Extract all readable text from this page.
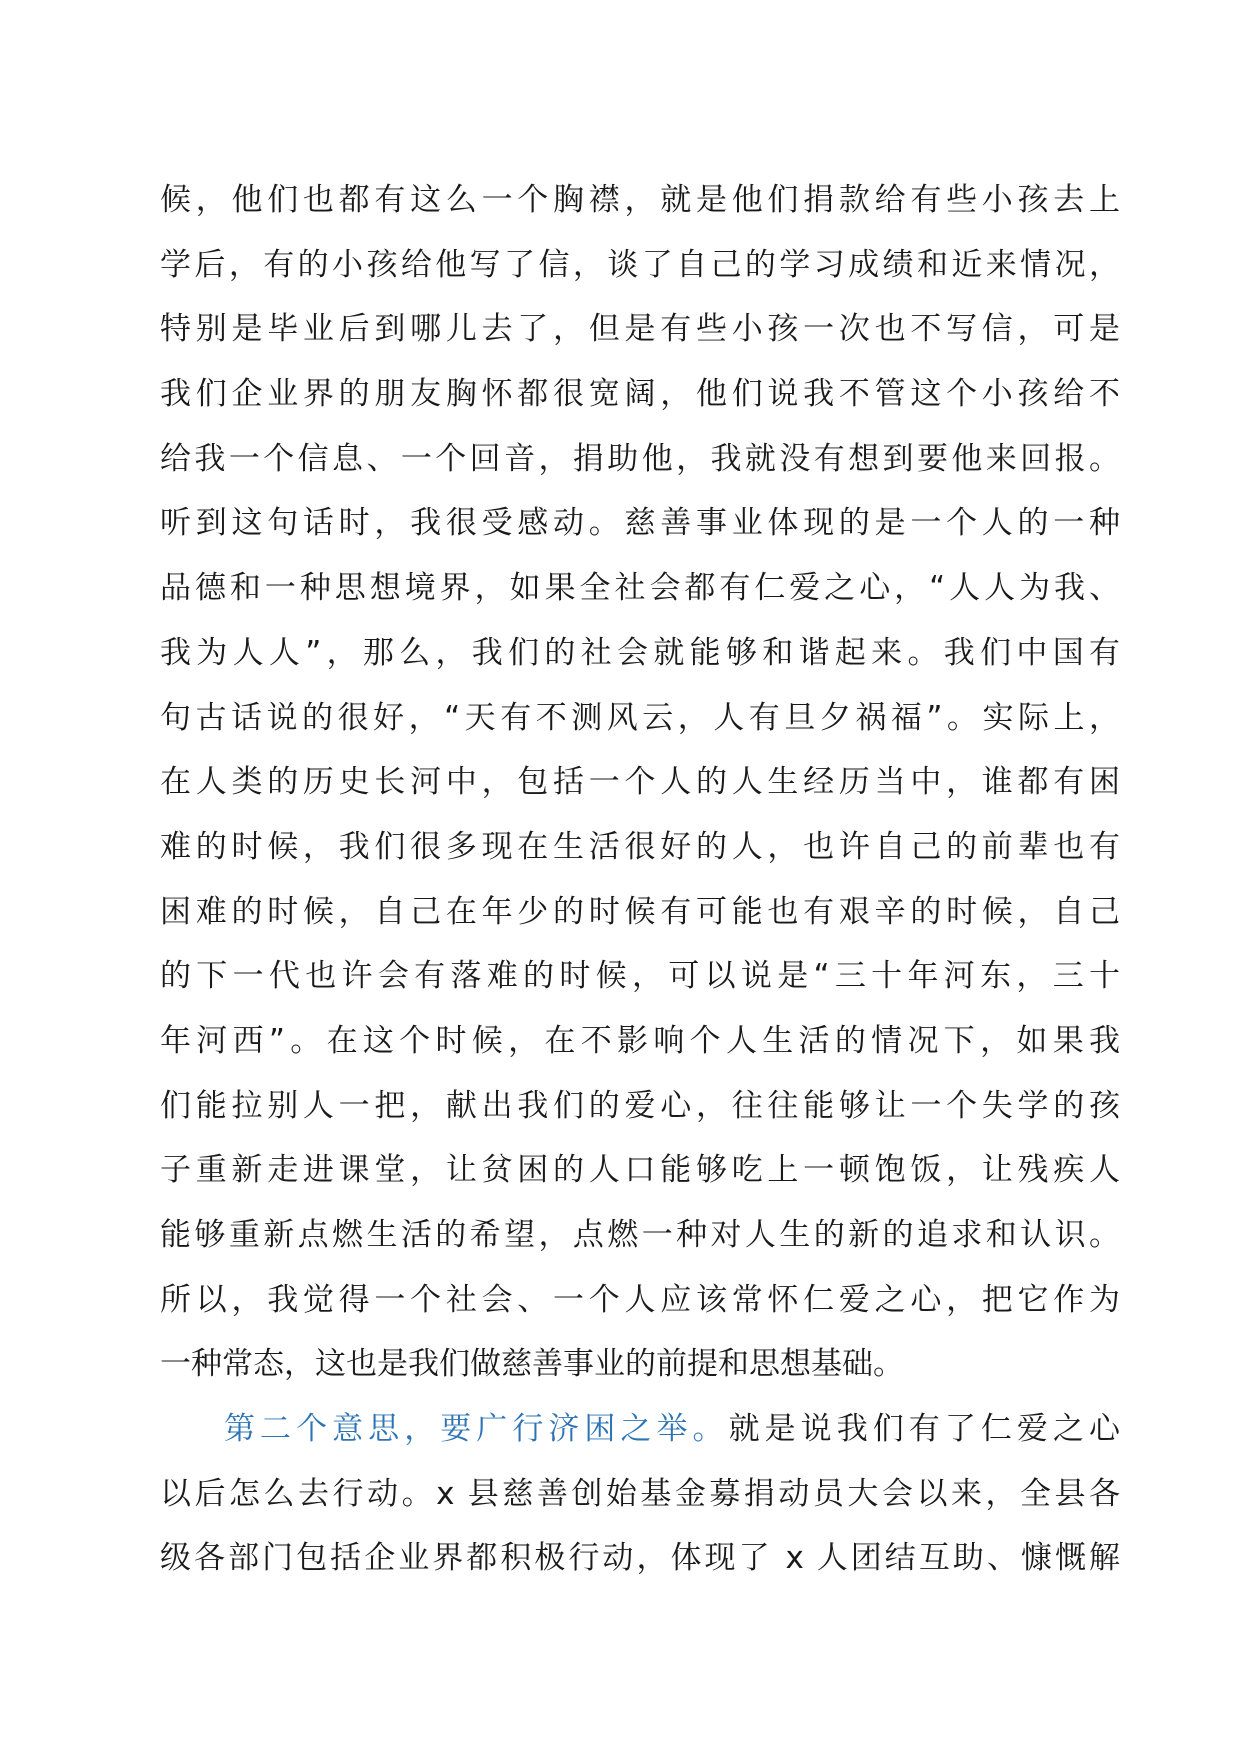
候，他们也都有这么一个胸襟，就是他们捐款给有些小孩去上
学后，有的小孩给他写了信，谈了自己的学习成绩和近来情况，
特别是毕业后到哪儿去了，但是有些小孩一次也不写信，可是
我们企业界的朋友胸怀都很宽阔，他们说我不管这个小孩给不
给我一个信息、一个回音，捐助他，我就没有想到要他来回报。
听到这句话时，我很受感动。慈善事业体现的是一个人的一种
品德和一种思想境界，如果全社会都有仁爱之心，“人人为我、
我为人人”，那么，我们的社会就能够和谐起来。我们中国有
句古话说的很好，“天有不测风云，人有旦夕祸福”。实际上，
在人类的历史长河中，包括一个人的人生经历当中，谁都有困
难的时候，我们很多现在生活很好的人，也许自己的前辈也有
困难的时候，自己在年少的时候有可能也有艰辛的时候，自己
的下一代也许会有落难的时候，可以说是“三十年河东，三十
年河西”。在这个时候，在不影响个人生活的情况下，如果我
们能拉别人一把，献出我们的爱心，往往能够让一个失学的孩
子重新走进课堂，让贫困的人口能够吃上一顿饱饭，让残疾人
能够重新点燃生活的希望，点燃一种对人生的新的追求和认识。
所以，我觉得一个社会、一个人应该常怀仁爱之心，把它作为
一种常态，这也是我们做慈善事业的前提和思想基础。
第二个意思，要广行济困之举。就是说我们有了仁爱之心
以后怎么去行动。x 县慈善创始基金募捐动员大会以来，全县各
级各部门包括企业界都积极行动，体现了 x 人团结互助、慷慨解
